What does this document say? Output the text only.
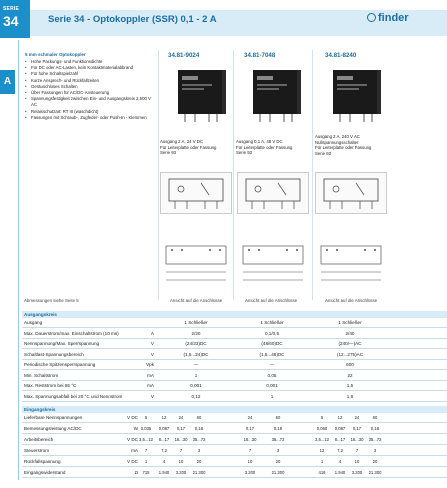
SERIE
34	Serie 34 - Optokoppler (SSR) 0,1 - 2 A	finder
A
5 mm schmaler Optokoppler
• Hohe Packungs- und Funktionsdichte
• Für DC oder AC-Lasten, kein Kontaktmaterialabbrand
• Für hohe Schaltspielzahl
• Kurze Ansprech- und Rückfallzeiten
• Geräuschloses Schalten
• Über Fassungen für AC/DC-Ansteuerung
• Spannungsfestigkeit zwischen Ein- und Ausgangskreis 2.500 V AC
• Relaisschutzart: RT III (waschdicht)
• Fassungen mit Schraub-, Zugfeder- oder Push-In - Klemmen
34.81-9024
Ausgang 2 A, 24 V DC
Für Leiterplatte oder Fassung
Serie 93
34.81-7048
Ausgang 0,1 A, 48 V DC
Für Leiterplatte oder Fassung
Serie 93
34.81-8240
Ausgang 2 A, 240 V AC
Nullspannungsschalter
Für Leiterplatte oder Fassung
Serie 93
Abmessungen siehe Seite 5	Ansicht auf die Anschlüsse	Ansicht auf die Anschlüsse	Ansicht auf die Anschlüsse
Ausgangskreis
Ausgang	1 Schließer	1 Schließer	1 Schließer
Max. Dauerstrom/max. Einschaltstrom (10 ms)	A	2/20	0,1/0,5	2/40
Nennspannung/Max. Sperrspannung	V	(24/33)DC	(48/60)DC	(240/—)AC
Schaltlast-Spannungsbereich	V	(1,5...24)DC	(1,5...48)DC	(12...275)AC
Periodische Spitzensperrspannung	Vpk	—	—	600
Min. Schaltstrom	mA	1	0,05	22
Max. Reststrom bei 55 °C	mA	0,001	0,001	1,5
Max. Spannungsabfall bei 20 °C und Nennstrom	V	0,12	1	1,6
Eingangskreis
Lieferbare Nennspannungen	V DC	5	12	24	60	24	60	5	12	24	60
Bemessungsleistung AC/DC	W 0,035	0,087	0,17	0,18	0,17	0,18	0,060	0,087	0,17	0,18
Arbeitsbereich	V DC 3,5...12	8...17	16...30	35...72	16...30	35...72	3,5...12	8...17	16...30	35...72
Steuerstrom	mA	7	7,2	7	3	7	3	12	7,2	7	3
Rückfallspannung	V DC	1	4	10	20	10	20	1	4	10	20
Eingangswiderstand	Ω	715	1.940	3.200	21.300	3.200	21.300	416	1.940	3.200	21.300
